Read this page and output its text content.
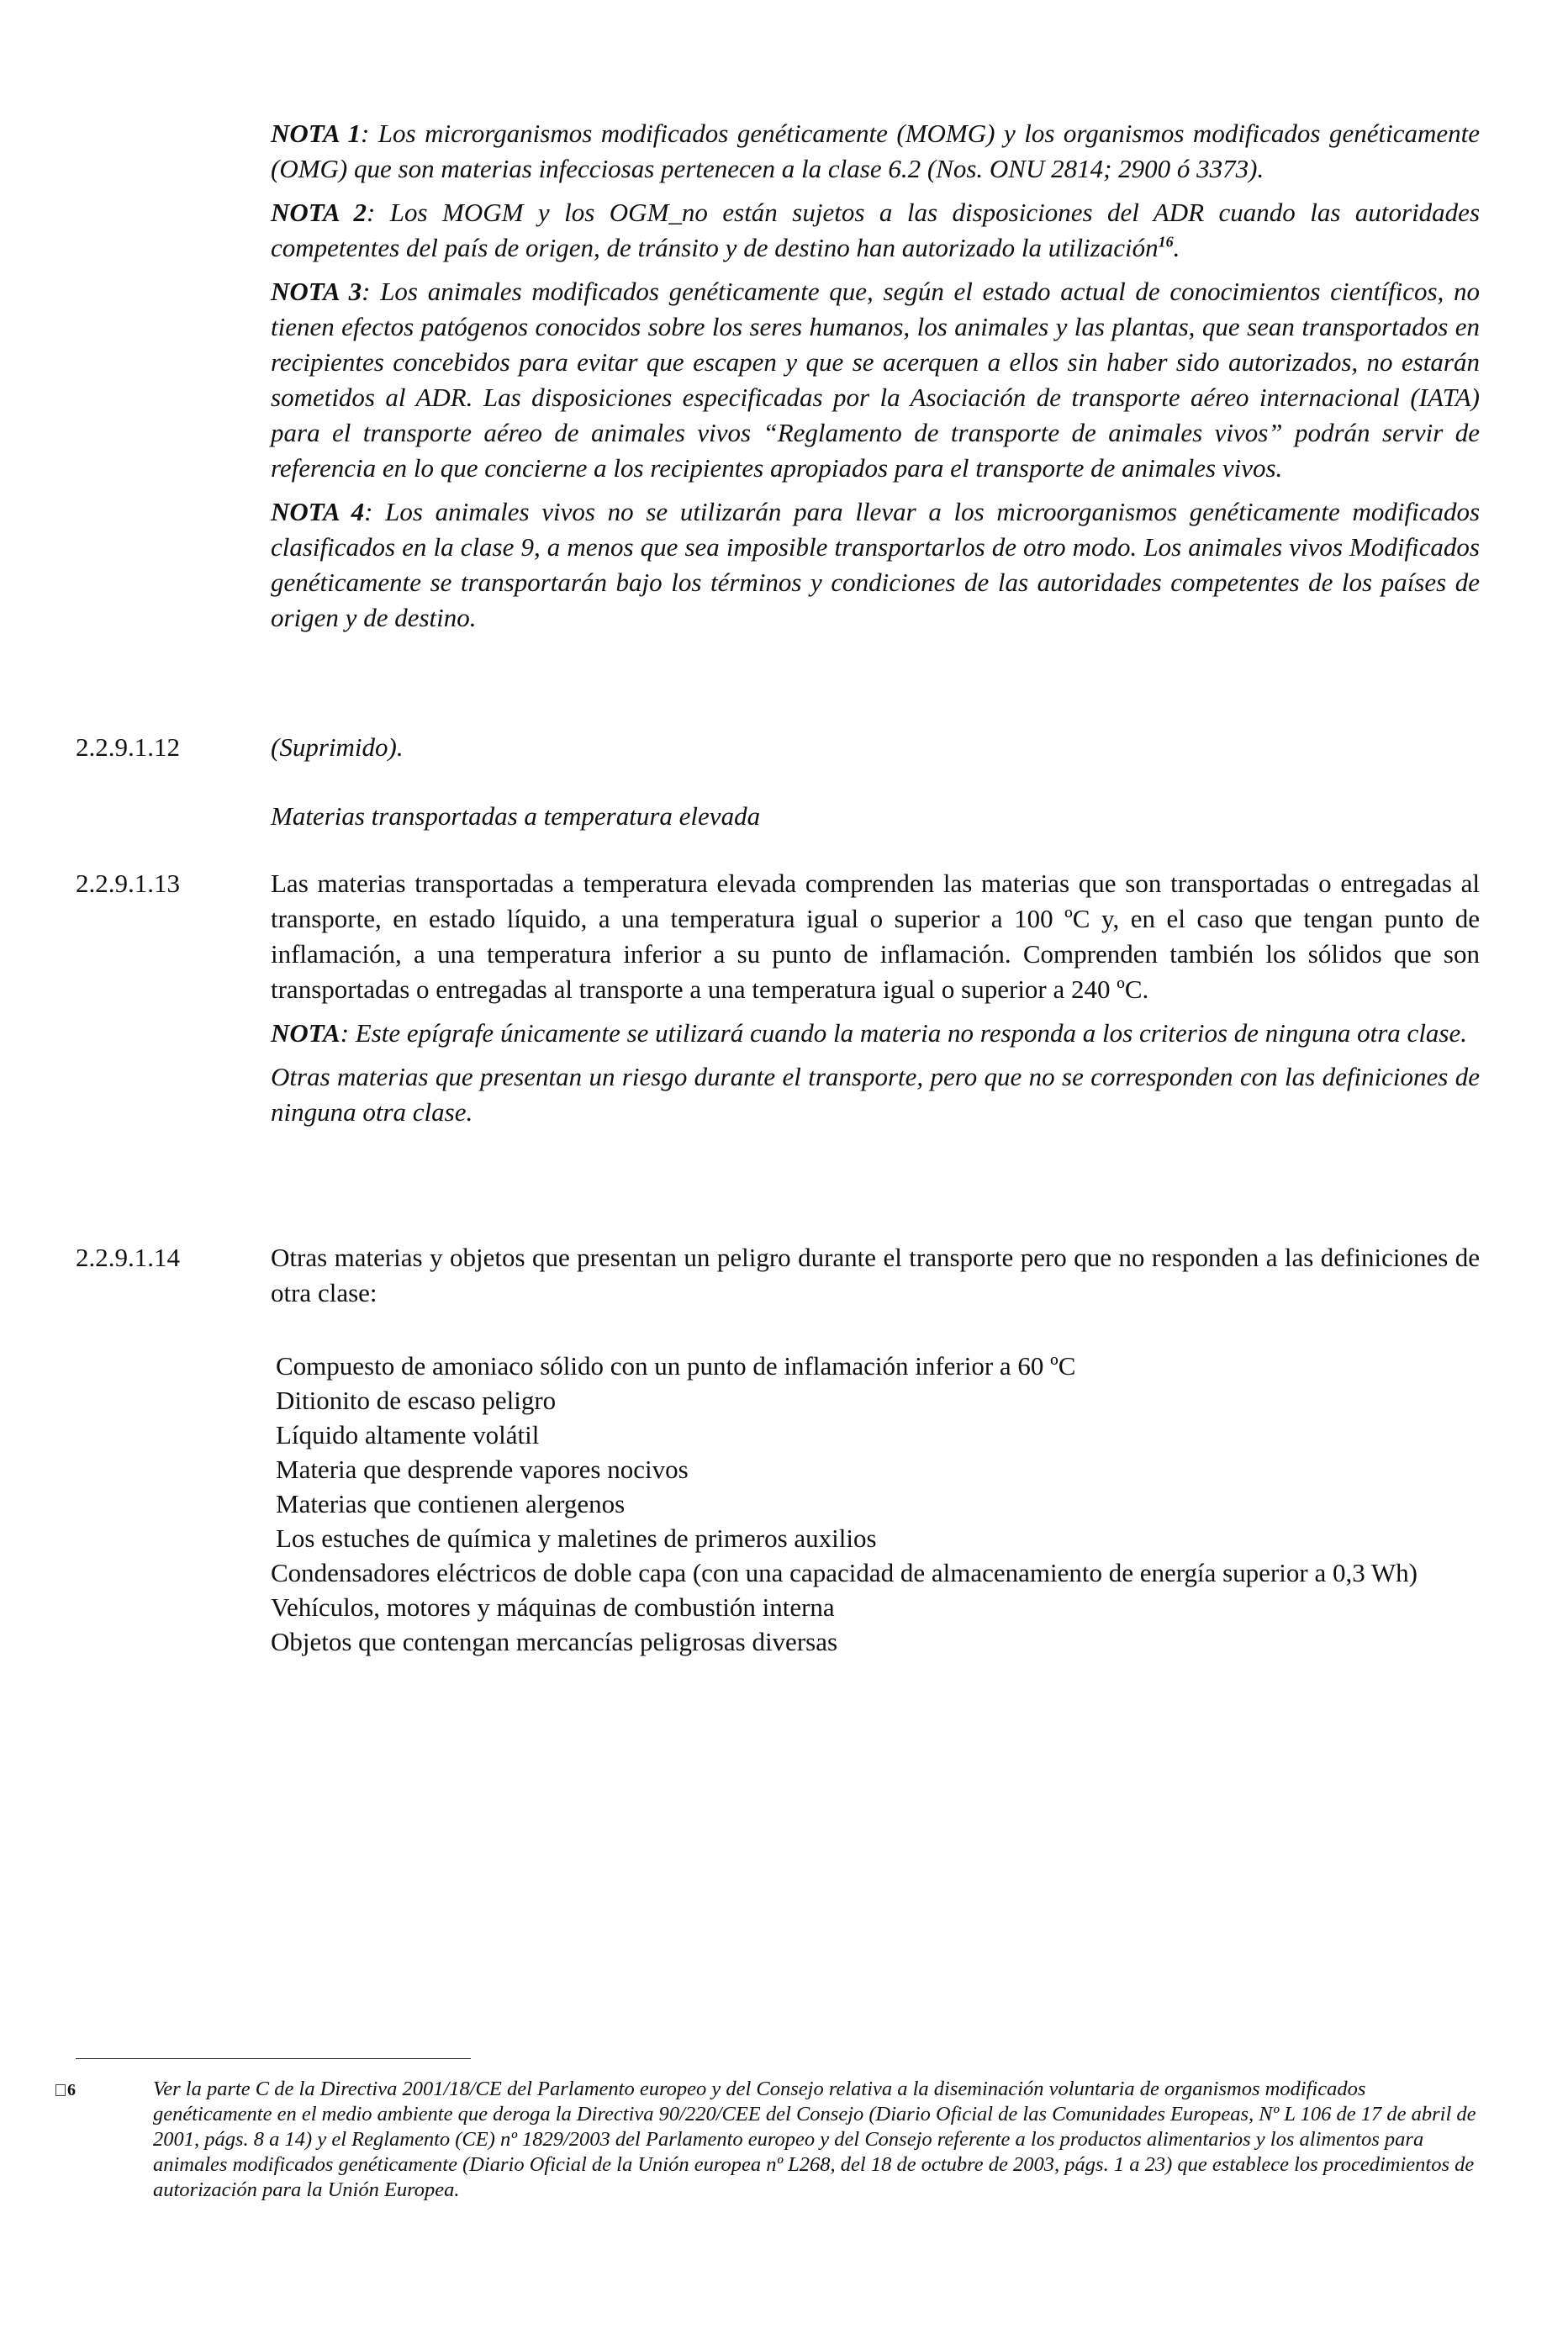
NOTA 1: Los microrganismos modificados genéticamente (MOMG) y los organismos modificados genéticamente (OMG) que son materias infecciosas pertenecen a la clase 6.2 (Nos. ONU 2814; 2900 ó 3373).

NOTA 2: Los MOGM y los OGM_no están sujetos a las disposiciones del ADR cuando las autoridades competentes del país de origen, de tránsito y de destino han autorizado la utilización$^{16}$.

NOTA 3: Los animales modificados genéticamente que, según el estado actual de conocimientos científicos, no tienen efectos patógenos conocidos sobre los seres humanos, los animales y las plantas, que sean transportados en recipientes concebidos para evitar que escapen y que se acerquen a ellos sin haber sido autorizados, no estarán sometidos al ADR. Las disposiciones especificadas por la Asociación de transporte aéreo internacional (IATA) para el transporte aéreo de animales vivos “Reglamento de transporte de animales vivos” podrán servir de referencia en lo que concierne a los recipientes apropiados para el transporte de animales vivos.

NOTA 4: Los animales vivos no se utilizarán para llevar a los microorganismos genéticamente modificados clasificados en la clase 9, a menos que sea imposible transportarlos de otro modo. Los animales vivos Modificados genéticamente se transportarán bajo los términos y condiciones de las autoridades competentes de los países de origen y de destino.

2.2.9.1.12	(Suprimido).
Materias transportadas a temperatura elevada
2.2.9.1.13	Las materias transportadas a temperatura elevada comprenden las materias que son transportadas o entregadas al transporte, en estado líquido, a una temperatura igual o superior a 100 ºC y, en el caso que tengan punto de inflamación, a una temperatura inferior a su punto de inflamación. Comprenden también los sólidos que son transportadas o entregadas al transporte a una temperatura igual o superior a 240 ºC.

NOTA: Este epígrafe únicamente se utilizará cuando la materia no responda a los criterios de ninguna otra clase.

Otras materias que presentan un riesgo durante el transporte, pero que no se corresponden con las definiciones de ninguna otra clase.

2.2.9.1.14	Otras materias y objetos que presentan un peligro durante el transporte pero que no responden a las definiciones de otra clase:
Compuesto de amoniaco sólido con un punto de inflamación inferior a 60 ºC
Ditionito de escaso peligro
Líquido altamente volátil
Materia que desprende vapores nocivos
Materias que contienen alergenos
Los estuches de química y maletines de primeros auxilios
Condensadores eléctricos de doble capa (con una capacidad de almacenamiento de energía superior a 0,3 Wh)
Vehículos, motores y máquinas de combustión interna
Objetos que contengan mercancías peligrosas diversas
6	Ver la parte C de la Directiva 2001/18/CE del Parlamento europeo y del Consejo relativa a la diseminación voluntaria de organismos modificados genéticamente en el medio ambiente que deroga la Directiva 90/220/CEE del Consejo (Diario Oficial de las Comunidades Europeas, Nº L 106 de 17 de abril de 2001, págs. 8 a 14) y el Reglamento (CE) nº 1829/2003 del Parlamento europeo y del Consejo referente a los productos alimentarios y los alimentos para animales modificados genéticamente (Diario Oficial de la Unión europea nº L268, del 18 de octubre de 2003, págs. 1 a 23) que establece los procedimientos de autorización para la Unión Europea.
